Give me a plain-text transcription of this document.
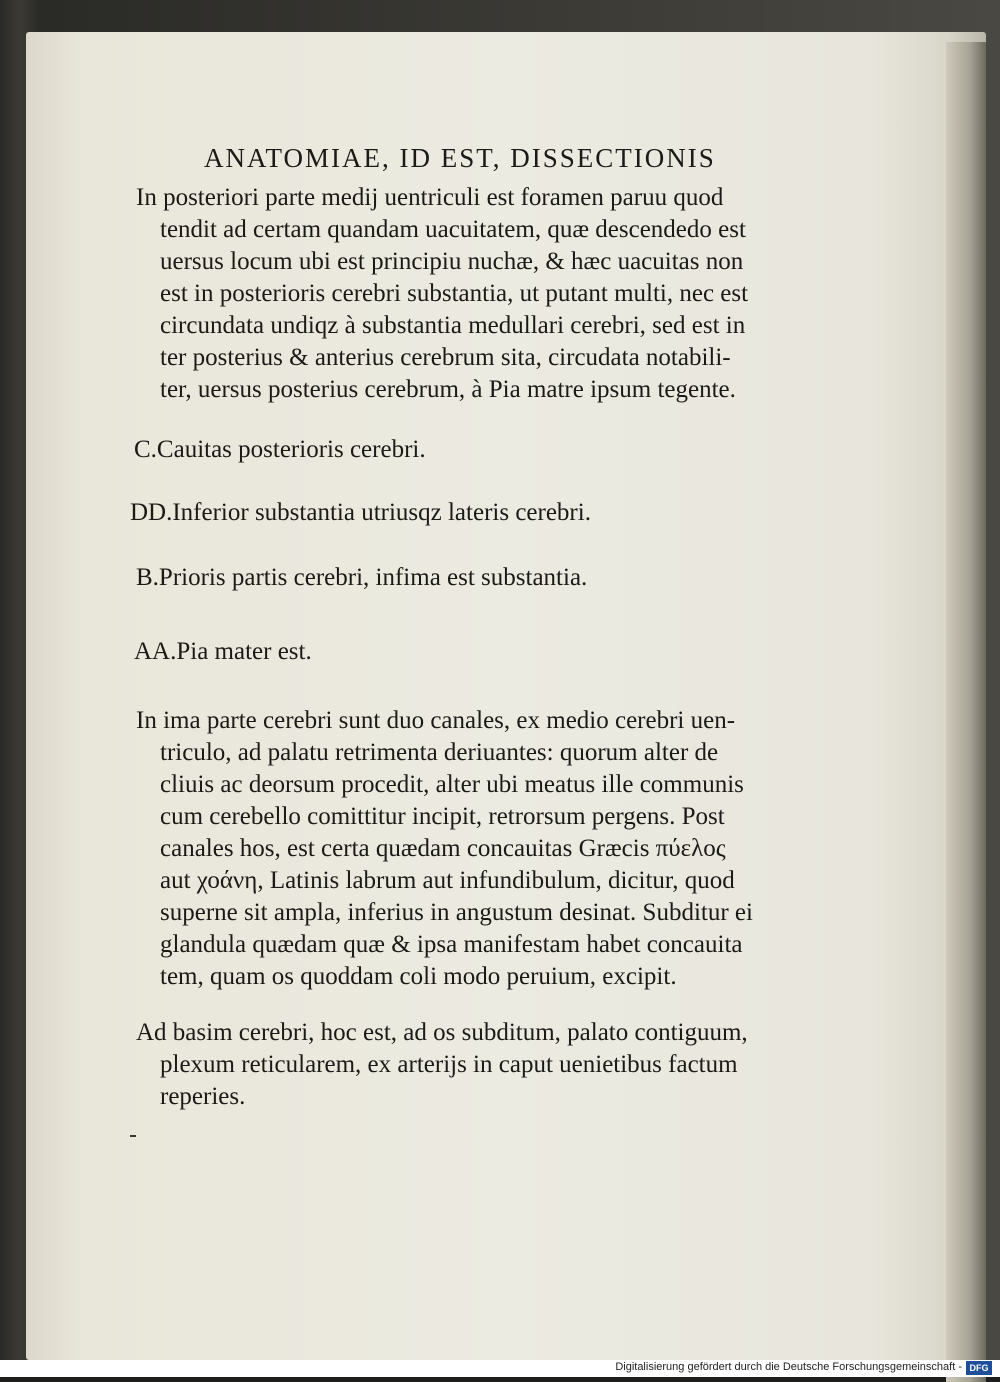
ANATOMIAE, ID EST, DISSECTIONIS
In posteriori parte medij uentriculi est foramen paruu quod
tendit ad certam quandam uacuitatem, quæ descendedo est
uersus locum ubi est principiu nuchæ, & hæc uacuitas non
est in posterioris cerebri substantia, ut putant multi, nec est
circundata undiqz à substantia medullari cerebri, sed est in
ter posterius & anterius cerebrum sita, circudata notabili-
ter, uersus posterius cerebrum, à Pia matre ipsum tegente.

C.Cauitas posterioris cerebri.

DD.Inferior substantia utriusqz lateris cerebri.

B.Prioris partis cerebri, infima est substantia.

AA.Pia mater est.

In ima parte cerebri sunt duo canales, ex medio cerebri uen-
triculo, ad palatu retrimenta deriuantes: quorum alter de
cliuis ac deorsum procedit, alter ubi meatus ille communis
cum cerebello comittitur incipit, retrorsum pergens. Post
canales hos, est certa quædam concauitas Græcis πύελος
aut χοάνη, Latinis labrum aut infundibulum, dicitur, quod
superne sit ampla, inferius in angustum desinat. Subditur ei
glandula quædam quæ & ipsa manifestam habet concauita
tem, quam os quoddam coli modo peruium, excipit.
Ad basim cerebri, hoc est, ad os subditum, palato contiguum,
plexum reticularem, ex arterijs in caput uenietibus factum
reperies.
Digitalisierung gefördert durch die Deutsche Forschungsgemeinschaft - DFG
